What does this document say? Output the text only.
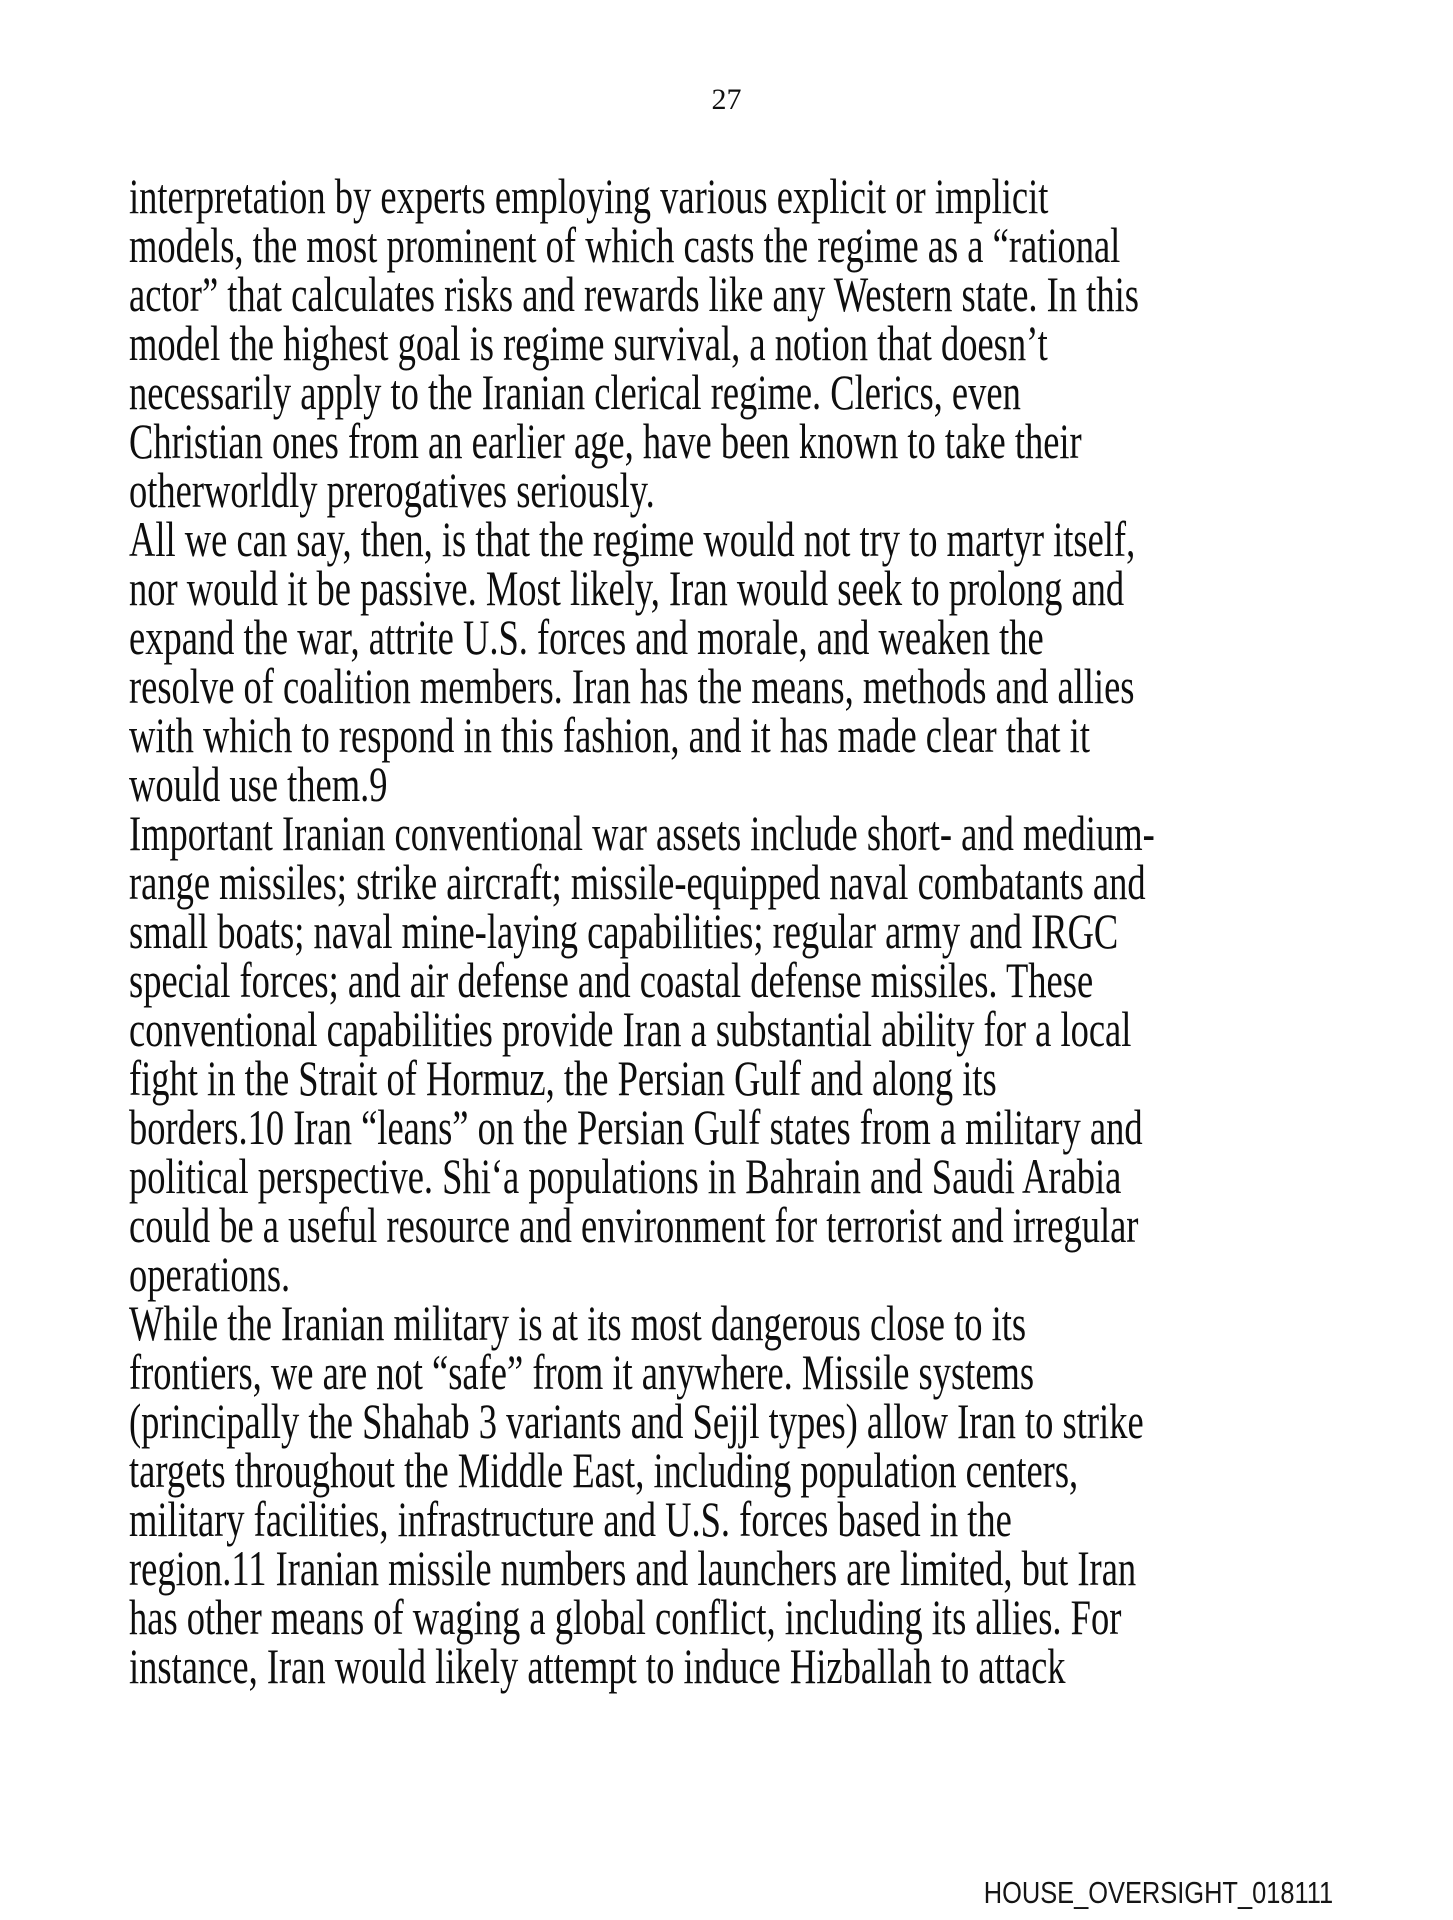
27
interpretation by experts employing various explicit or implicit
models, the most prominent of which casts the regime as a “rational
actor” that calculates risks and rewards like any Western state. In this
model the highest goal is regime survival, a notion that doesn’t
necessarily apply to the Iranian clerical regime. Clerics, even
Christian ones from an earlier age, have been known to take their
otherworldly prerogatives seriously.
All we can say, then, is that the regime would not try to martyr itself,
nor would it be passive. Most likely, Iran would seek to prolong and
expand the war, attrite U.S. forces and morale, and weaken the
resolve of coalition members. Iran has the means, methods and allies
with which to respond in this fashion, and it has made clear that it
would use them.9
Important Iranian conventional war assets include short- and medium-
range missiles; strike aircraft; missile-equipped naval combatants and
small boats; naval mine-laying capabilities; regular army and IRGC
special forces; and air defense and coastal defense missiles. These
conventional capabilities provide Iran a substantial ability for a local
fight in the Strait of Hormuz, the Persian Gulf and along its
borders.10 Iran “leans” on the Persian Gulf states from a military and
political perspective. Shi‘a populations in Bahrain and Saudi Arabia
could be a useful resource and environment for terrorist and irregular
operations.
While the Iranian military is at its most dangerous close to its
frontiers, we are not “safe” from it anywhere. Missile systems
(principally the Shahab 3 variants and Sejjl types) allow Iran to strike
targets throughout the Middle East, including population centers,
military facilities, infrastructure and U.S. forces based in the
region.11 Iranian missile numbers and launchers are limited, but Iran
has other means of waging a global conflict, including its allies. For
instance, Iran would likely attempt to induce Hizballah to attack
HOUSE_OVERSIGHT_018111
